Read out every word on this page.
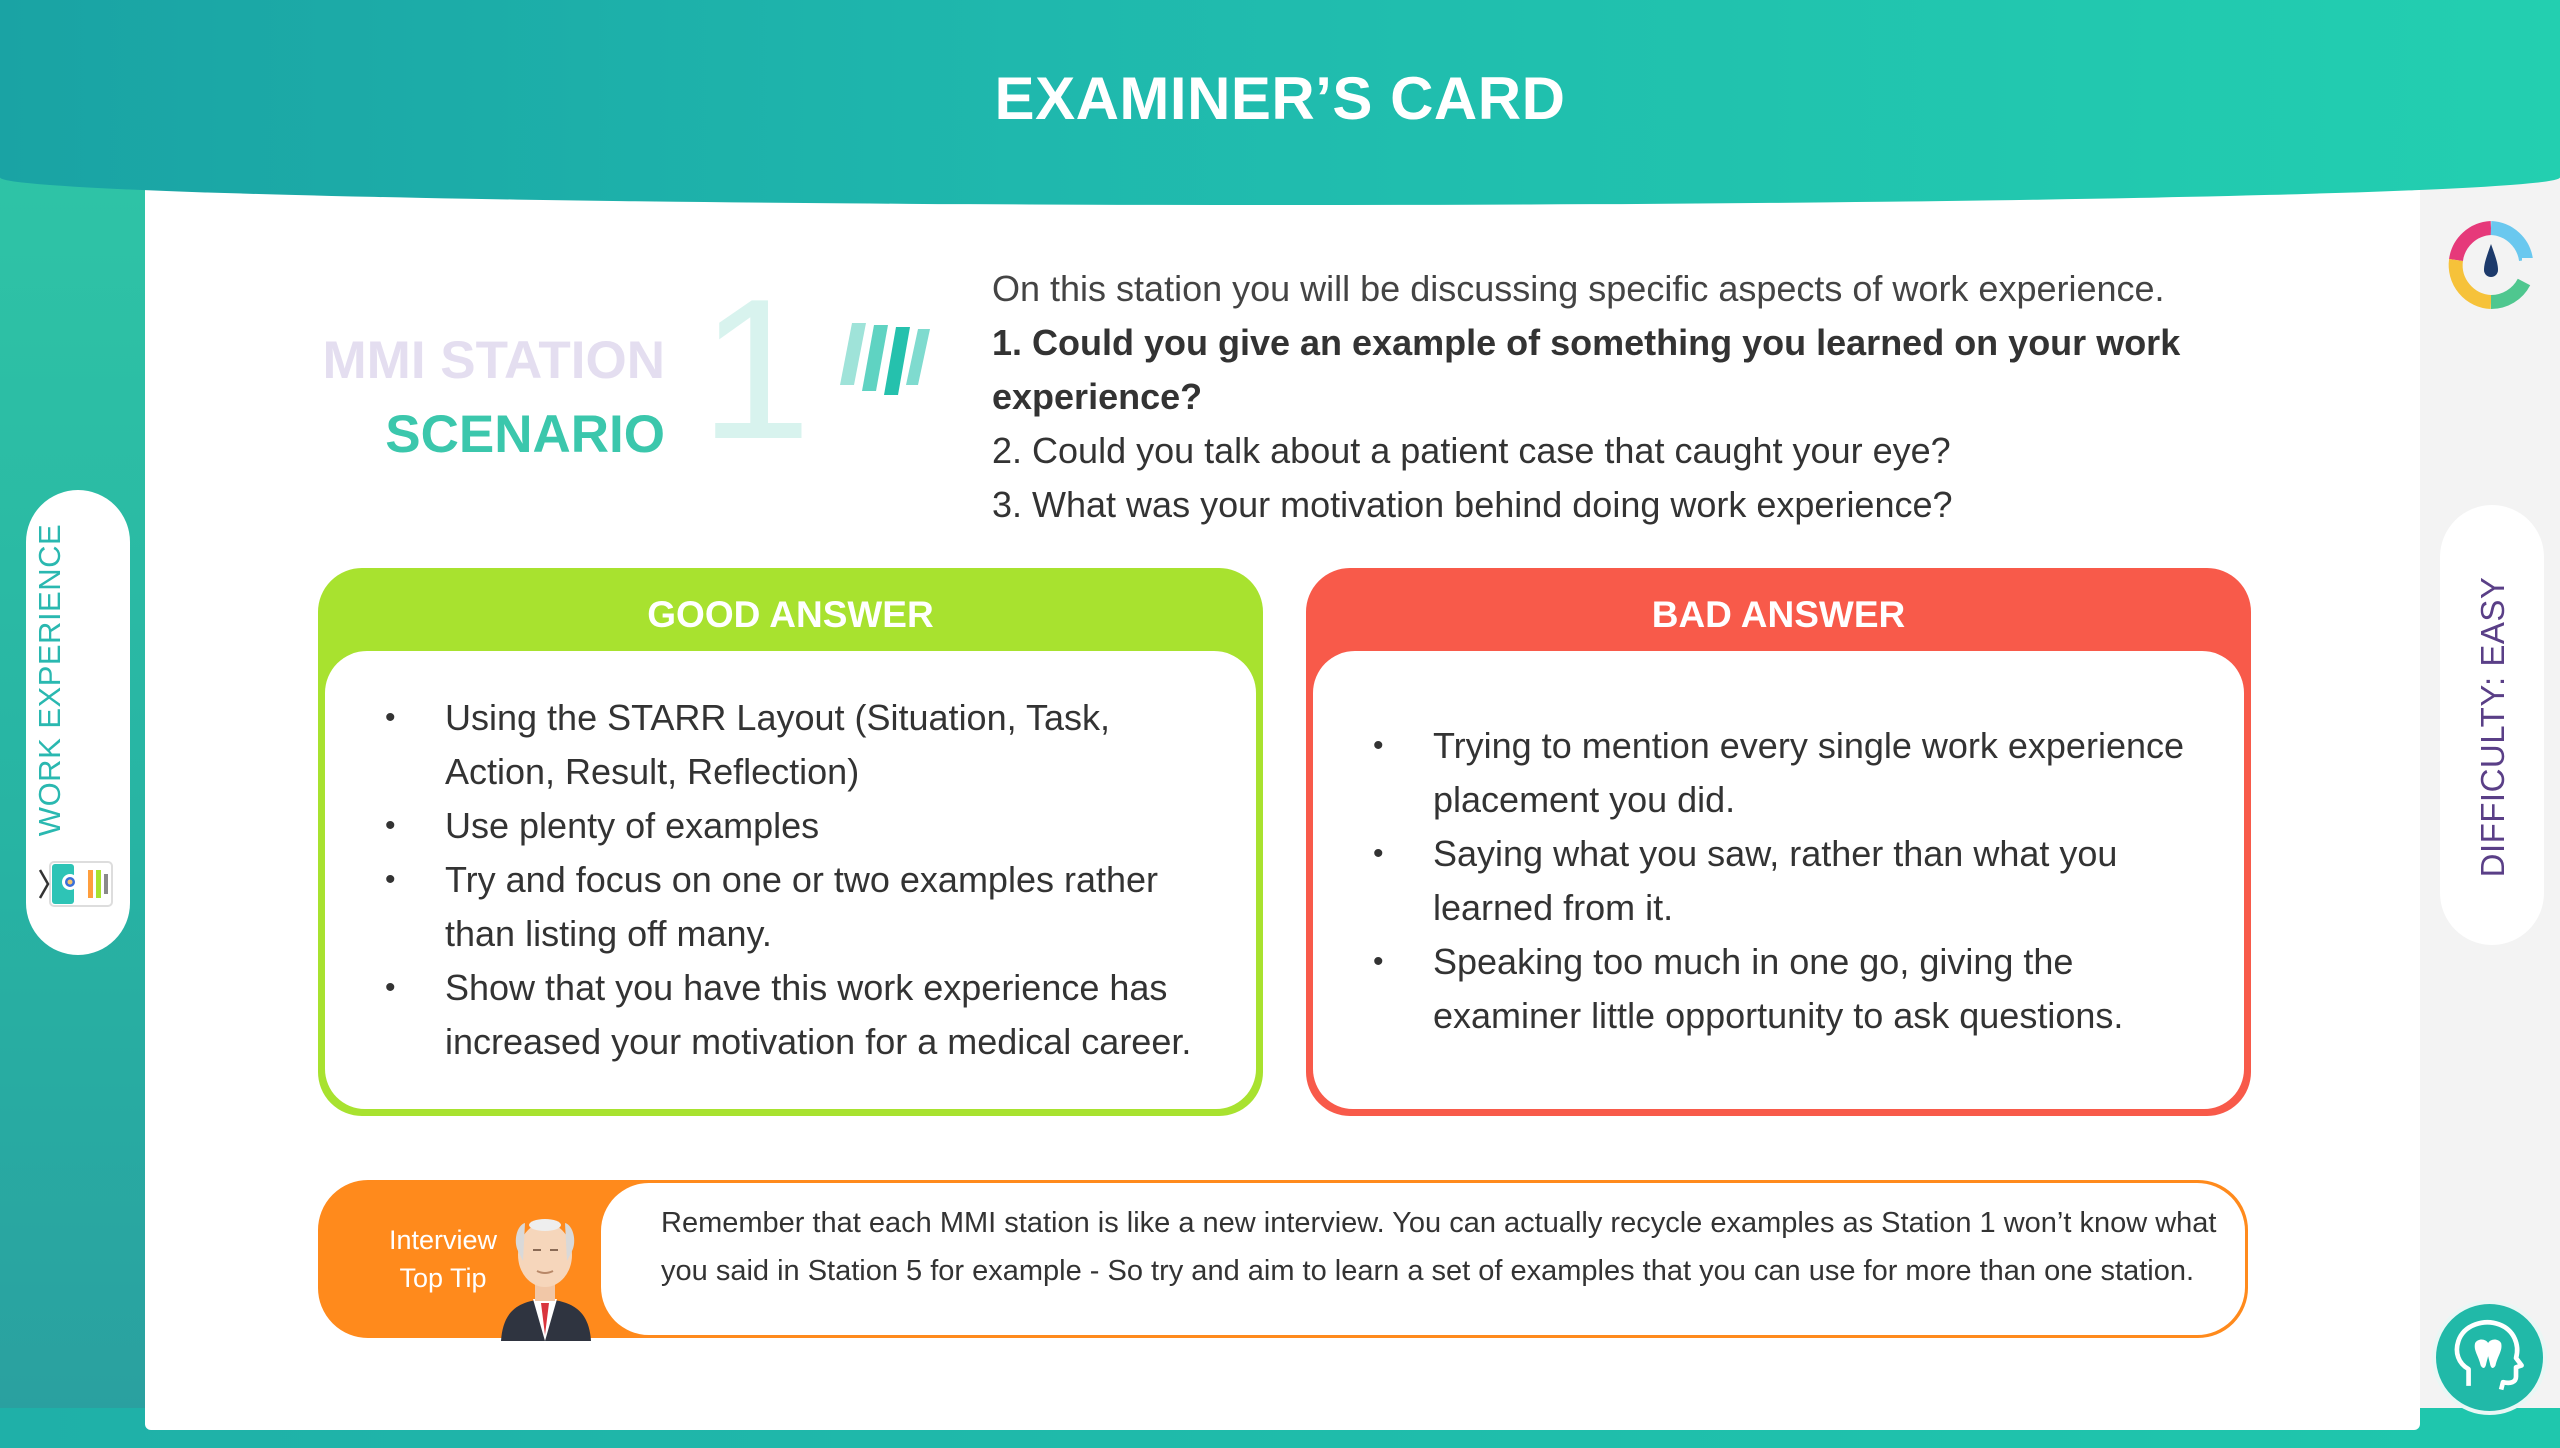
EXAMINER’S CARD
WORK EXPERIENCE	DIFFICULTY: EASY
MMI STATION
SCENARIO 1	On this station you will be discussing specific aspects of work experience.
1. Could you give an example of something you learned on your work experience?
2. Could you talk about a patient case that caught your eye?
3. What was your motivation behind doing work experience?
GOOD ANSWER
• Using the STARR Layout (Situation, Task, Action, Result, Reflection)
• Use plenty of examples
• Try and focus on one or two examples rather than listing off many.
• Show that you have this work experience has increased your motivation for a medical career.
BAD ANSWER
• Trying to mention every single work experience placement you did.
• Saying what you saw, rather than what you learned from it.
• Speaking too much in one go, giving the examiner little opportunity to ask questions.
Interview
Top Tip
Remember that each MMI station is like a new interview. You can actually recycle examples as Station 1 won’t know what you said in Station 5 for example - So try and aim to learn a set of examples that you can use for more than one station.
